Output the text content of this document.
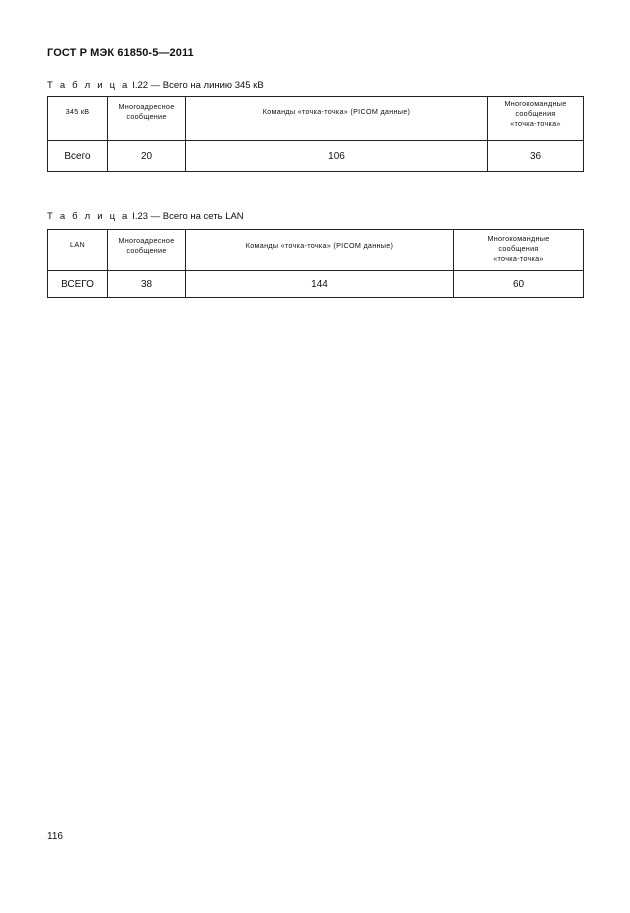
ГОСТ Р МЭК 61850-5—2011
Т а б л и ц а I.22 — Всего на линию 345 кВ
345 кВ	Многоадресное сообщение	Команды «точка-точка» (PICOM данные)	Многокомандные сообщения «точка-точка»
Всего	20	106	36
Т а б л и ц а I.23 — Всего на сеть LAN
LAN	Многоадресное сообщение	Команды «точка-точка» (PICOM данные)	Многокомандные сообщения «точка-точка»
ВСЕГО	38	144	60
116
